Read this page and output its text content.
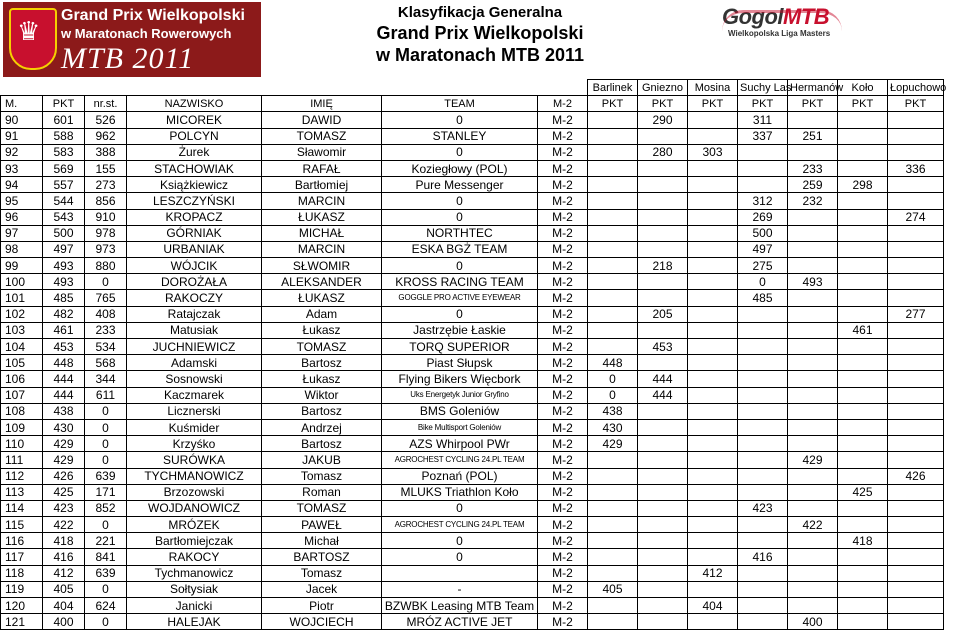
♛
Grand Prix Wielkopolski
w Maratonach Rowerowych
MTB 2011
Klasyfikacja Generalna
Grand Prix Wielkopolski
w Maratonach MTB 2011
GogolMTB
Wielkopolska Liga Masters
							Barlinek	Gniezno	Mosina	Suchy Las	Hermanów	Koło	Łopuchowo
M.	PKT	nr.st.	NAZWISKO	IMIĘ	TEAM	M-2	PKT	PKT	PKT	PKT	PKT	PKT	PKT
90	601	526	MICOREK	DAWID	0	M-2		290		311			
91	588	962	POLCYN	TOMASZ	STANLEY	M-2				337	251		
92	583	388	Żurek	Sławomir	0	M-2		280	303				
93	569	155	STACHOWIAK	RAFAŁ	Koziegłowy (POL)	M-2					233		336
94	557	273	Książkiewicz	Bartłomiej	Pure Messenger	M-2					259	298	
95	544	856	LESZCZYŃSKI	MARCIN	0	M-2				312	232		
96	543	910	KROPACZ	ŁUKASZ	0	M-2				269			274
97	500	978	GÓRNIAK	MICHAŁ	NORTHTEC	M-2				500			
98	497	973	URBANIAK	MARCIN	ESKA BGŻ TEAM	M-2				497			
99	493	880	WÓJCIK	SŁWOMIR	0	M-2		218		275			
100	493	0	DOROŻAŁA	ALEKSANDER	KROSS RACING TEAM	M-2				0	493		
101	485	765	RAKOCZY	ŁUKASZ	GOGGLE PRO ACTIVE EYEWEAR	M-2				485			
102	482	408	Ratajczak	Adam	0	M-2		205					277
103	461	233	Matusiak	Łukasz	Jastrzębie Łaskie	M-2						461	
104	453	534	JUCHNIEWICZ	TOMASZ	TORQ SUPERIOR	M-2		453					
105	448	568	Adamski	Bartosz	Piast Słupsk	M-2	448						
106	444	344	Sosnowski	Łukasz	Flying Bikers Więcbork	M-2	0	444					
107	444	611	Kaczmarek	Wiktor	Uks Energetyk Junior Gryfino	M-2	0	444					
108	438	0	Licznerski	Bartosz	BMS Goleniów	M-2	438						
109	430	0	Kuśmider	Andrzej	Bike Multisport Goleniów	M-2	430						
110	429	0	Krzyśko	Bartosz	AZS Whirpool PWr	M-2	429						
111	429	0	SURÓWKA	JAKUB	AGROCHEST CYCLING 24.PL TEAM	M-2					429		
112	426	639	TYCHMANOWICZ	Tomasz	Poznań (POL)	M-2							426
113	425	171	Brzozowski	Roman	MLUKS Triathlon Koło	M-2						425	
114	423	852	WOJDANOWICZ	TOMASZ	0	M-2				423			
115	422	0	MRÓZEK	PAWEŁ	AGROCHEST CYCLING 24.PL TEAM	M-2					422		
116	418	221	Bartłomiejczak	Michał	0	M-2						418	
117	416	841	RAKOCY	BARTOSZ	0	M-2				416			
118	412	639	Tychmanowicz	Tomasz		M-2			412				
119	405	0	Sołtysiak	Jacek	-	M-2	405						
120	404	624	Janicki	Piotr	BZWBK Leasing MTB Team	M-2			404				
121	400	0	HALEJAK	WOJCIECH	MRÓZ ACTIVE JET	M-2					400		
